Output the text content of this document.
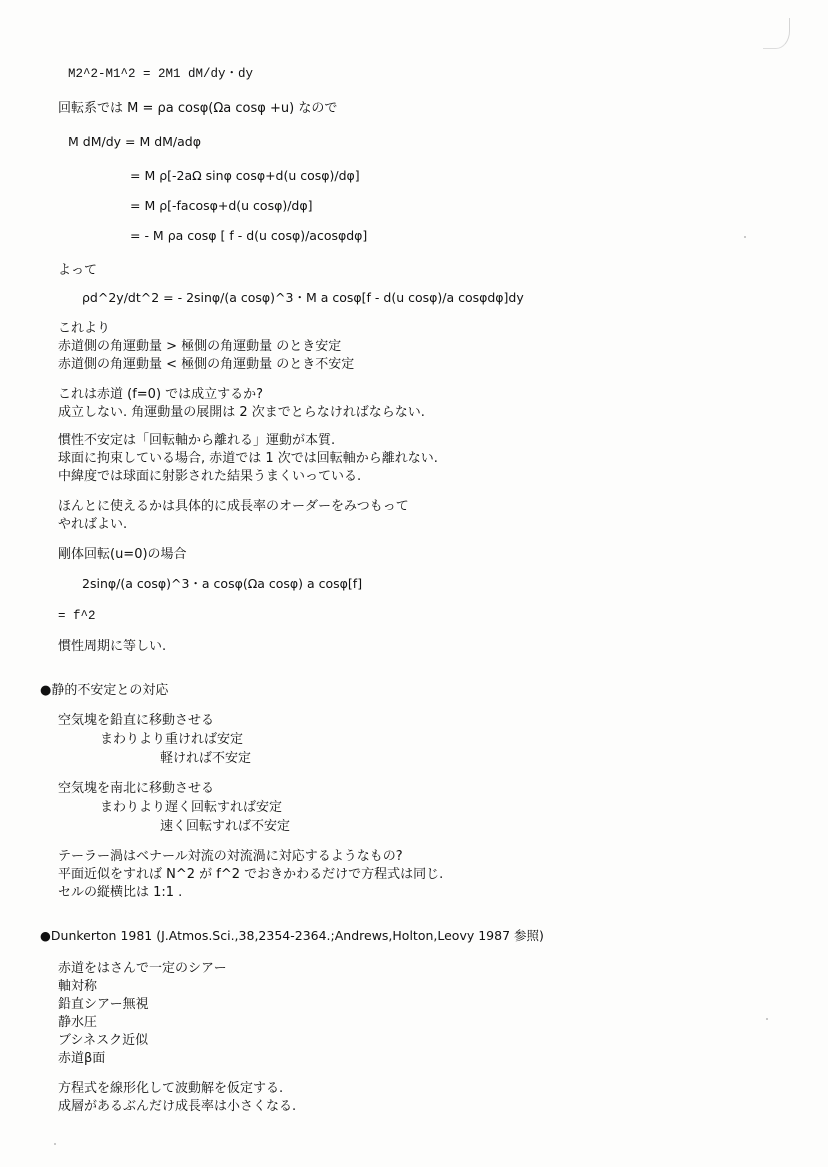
M2^2-M1^2 = 2M1 dM/dy・dy
回転系では M = ρa cosφ(Ωa cosφ +u) なので
M dM/dy = M dM/adφ
= M ρ[-2aΩ sinφ cosφ+d(u cosφ)/dφ]
= M ρ[-facosφ+d(u cosφ)/dφ]
= - M ρa cosφ [ f - d(u cosφ)/acosφdφ]
よって
ρd^2y/dt^2 = - 2sinφ/(a cosφ)^3・M a cosφ[f - d(u cosφ)/a cosφdφ]dy
これより
赤道側の角運動量 > 極側の角運動量 のとき安定
赤道側の角運動量 < 極側の角運動量 のとき不安定
これは赤道 (f=0) では成立するか?
成立しない. 角運動量の展開は 2 次までとらなければならない.
慣性不安定は「回転軸から離れる」運動が本質.
球面に拘束している場合, 赤道では 1 次では回転軸から離れない.
中緯度では球面に射影された結果うまくいっている.
ほんとに使えるかは具体的に成長率のオーダーをみつもって
やればよい.
剛体回転(u=0)の場合
2sinφ/(a cosφ)^3・a cosφ(Ωa cosφ) a cosφ[f]
= f^2
慣性周期に等しい.
●静的不安定との対応
空気塊を鉛直に移動させる
まわりより重ければ安定
軽ければ不安定
空気塊を南北に移動させる
まわりより遅く回転すれば安定
速く回転すれば不安定
テーラー渦はベナール対流の対流渦に対応するようなもの?
平面近似をすれば N^2 が f^2 でおきかわるだけで方程式は同じ.
セルの縦横比は 1:1 .
●Dunkerton 1981 (J.Atmos.Sci.,38,2354-2364.;Andrews,Holton,Leovy 1987 参照)
赤道をはさんで一定のシアー
軸対称
鉛直シアー無視
静水圧
ブシネスク近似
赤道β面
方程式を線形化して波動解を仮定する.
成層があるぶんだけ成長率は小さくなる.
